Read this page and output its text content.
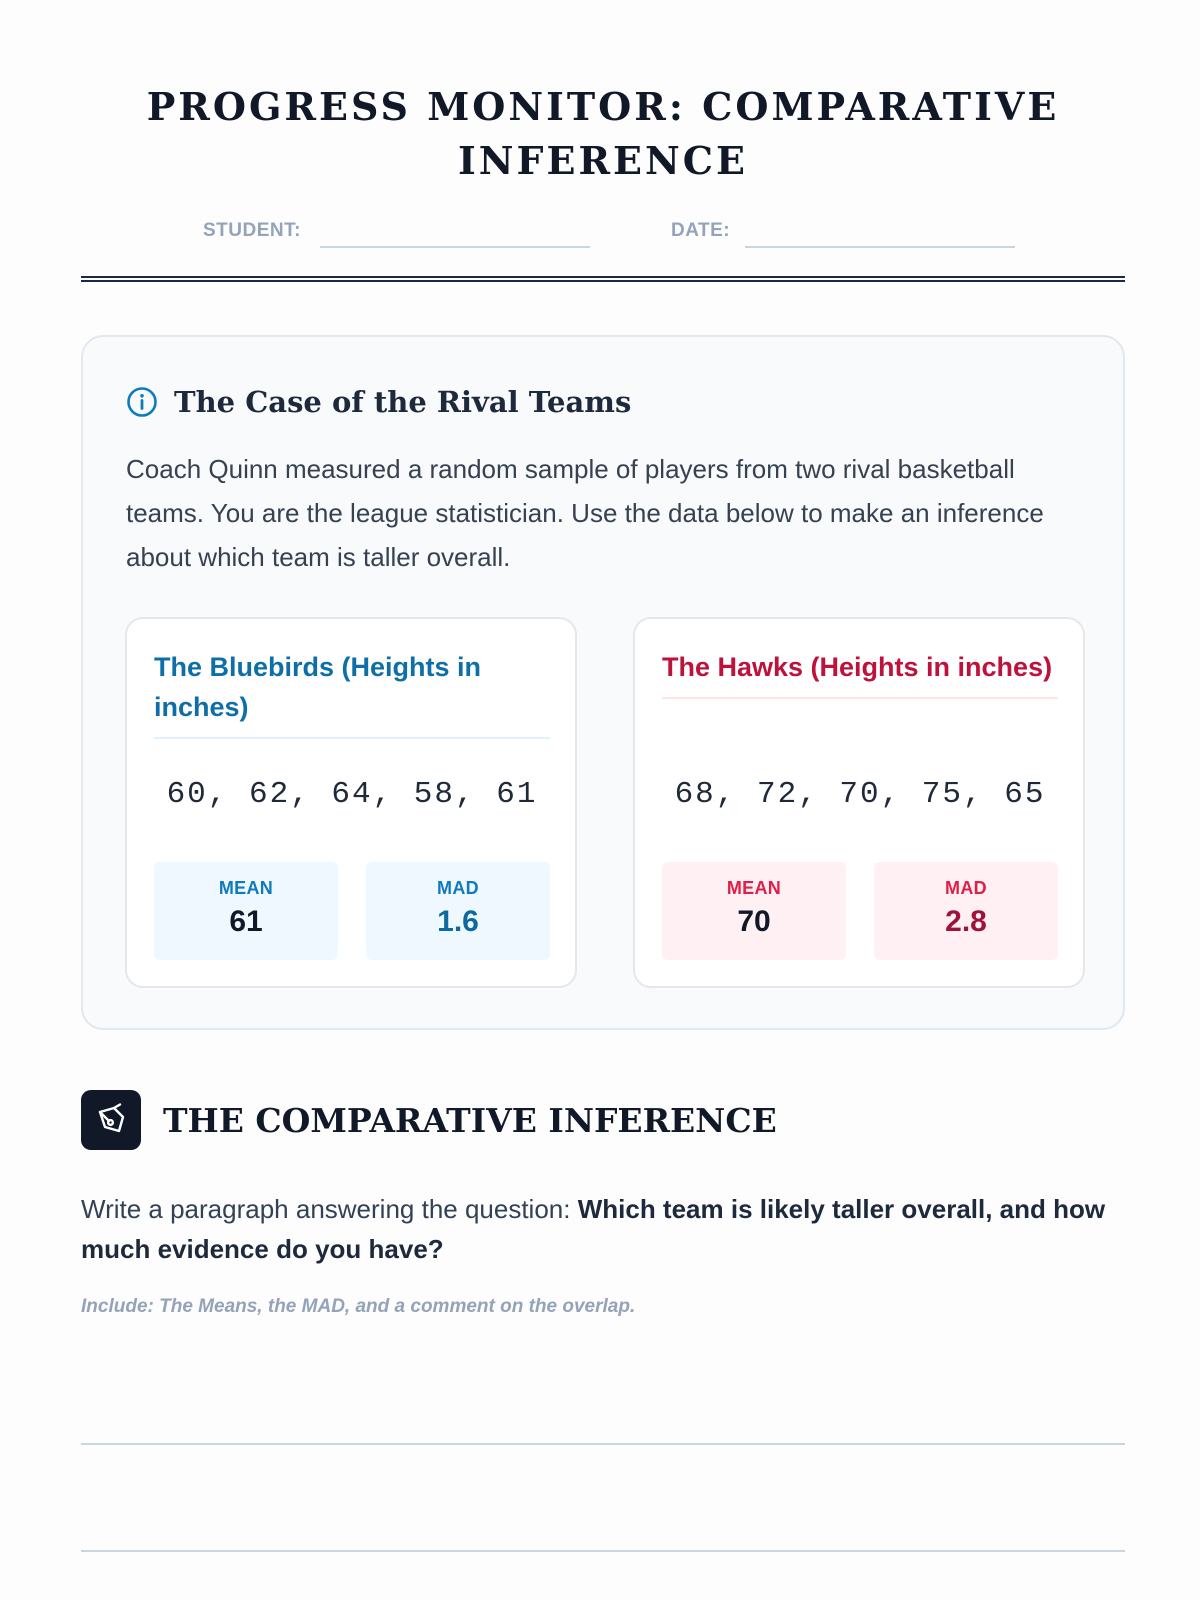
PROGRESS MONITOR: COMPARATIVE INFERENCE
STUDENT:	DATE:
The Case of the Rival Teams

Coach Quinn measured a random sample of players from two rival basketball teams. You are the league statistician. Use the data below to make an inference about which team is taller overall.

The Bluebirds (Heights in inches)
60, 62, 64, 58, 61
MEAN
61
MAD
1.6
The Hawks (Heights in inches)
68, 72, 70, 75, 65
MEAN
70
MAD
2.8
THE COMPARATIVE INFERENCE

Write a paragraph answering the question: Which team is likely taller overall, and how much evidence do you have?

Include: The Means, the MAD, and a comment on the overlap.
